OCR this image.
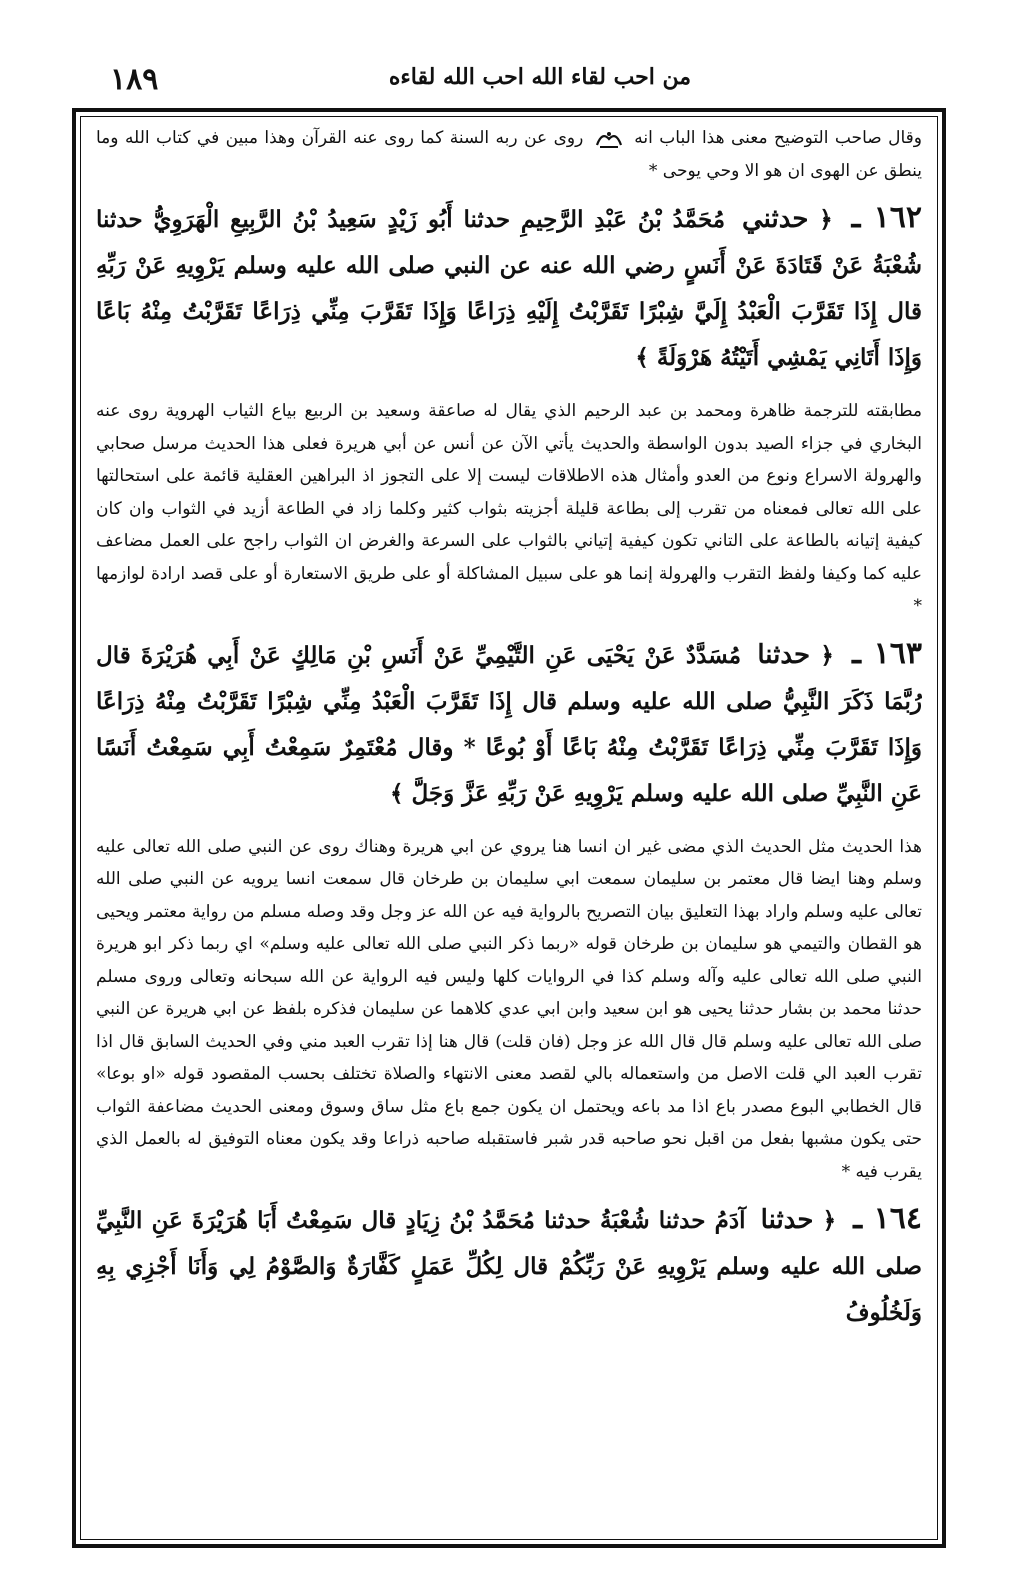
١٨٩	من احب لقاء الله احب الله لقاءه

وقال صاحب التوضيح معنى هذا الباب انه  روى عن ربه السنة كما روى عنه القرآن وهذا مبين في كتاب الله وما ينطق عن الهوى ان هو الا وحي يوحى *

١٦٢ ـ ﴿ حدثني مُحَمَّدُ بْنُ عَبْدِ الرَّحِيمِ حدثنا أَبُو زَيْدٍ سَعِيدُ بْنُ الرَّبِيعِ الْهَرَوِيُّ حدثنا شُعْبَةُ عَنْ قَتَادَةَ عَنْ أَنَسٍ رضي الله عنه عن النبي صلى الله عليه وسلم يَرْوِيهِ عَنْ رَبِّهِ قال إِذَا تَقَرَّبَ الْعَبْدُ إِلَيَّ شِبْرًا تَقَرَّبْتُ إِلَيْهِ ذِرَاعًا وَإِذَا تَقَرَّبَ مِنِّي ذِرَاعًا تَقَرَّبْتُ مِنْهُ بَاعًا وَإِذَا أَتَانِي يَمْشِي أَتَيْتُهُ هَرْوَلَةً ﴾

مطابقته للترجمة ظاهرة ومحمد بن عبد الرحيم الذي يقال له صاعقة وسعيد بن الربيع بياع الثياب الهروية روى عنه البخاري في جزاء الصيد بدون الواسطة والحديث يأتي الآن عن أنس عن أبي هريرة فعلى هذا الحديث مرسل صحابي والهرولة الاسراع ونوع من العدو وأمثال هذه الاطلاقات ليست إلا على التجوز اذ البراهين العقلية قائمة على استحالتها على الله تعالى فمعناه من تقرب إلى بطاعة قليلة أجزيته بثواب كثير وكلما زاد في الطاعة أزيد في الثواب وان كان كيفية إتيانه بالطاعة على التاني تكون كيفية إتياني بالثواب على السرعة والغرض ان الثواب راجح على العمل مضاعف عليه كما وكيفا ولفظ التقرب والهرولة إنما هو على سبيل المشاكلة أو على طريق الاستعارة أو على قصد ارادة لوازمها *

١٦٣ ـ ﴿ حدثنا مُسَدَّدٌ عَنْ يَحْيَى عَنِ التَّيْمِيِّ عَنْ أَنَسِ بْنِ مَالِكٍ عَنْ أَبِي هُرَيْرَةَ قال رُبَّمَا ذَكَرَ النَّبِيُّ صلى الله عليه وسلم قال إِذَا تَقَرَّبَ الْعَبْدُ مِنِّي شِبْرًا تَقَرَّبْتُ مِنْهُ ذِرَاعًا وَإِذَا تَقَرَّبَ مِنِّي ذِرَاعًا تَقَرَّبْتُ مِنْهُ بَاعًا أَوْ بُوعًا * وقال مُعْتَمِرٌ سَمِعْتُ أَبِي سَمِعْتُ أَنَسًا عَنِ النَّبِيِّ صلى الله عليه وسلم يَرْوِيهِ عَنْ رَبِّهِ عَزَّ وَجَلَّ ﴾

هذا الحديث مثل الحديث الذي مضى غير ان انسا هنا يروي عن ابي هريرة وهناك روى عن النبي صلى الله تعالى عليه وسلم وهنا ايضا قال معتمر بن سليمان سمعت ابي سليمان بن طرخان قال سمعت انسا يرويه عن النبي صلى الله تعالى عليه وسلم واراد بهذا التعليق بيان التصريح بالرواية فيه عن الله عز وجل وقد وصله مسلم من رواية معتمر ويحيى هو القطان والتيمي هو سليمان بن طرخان قوله «ربما ذكر النبي صلى الله تعالى عليه وسلم» اي ربما ذكر ابو هريرة النبي صلى الله تعالى عليه وآله وسلم كذا في الروايات كلها وليس فيه الرواية عن الله سبحانه وتعالى وروى مسلم حدثنا محمد بن بشار حدثنا يحيى هو ابن سعيد وابن ابي عدي كلاهما عن سليمان فذكره بلفظ عن ابي هريرة عن النبي صلى الله تعالى عليه وسلم قال قال الله عز وجل (فان قلت) قال هنا إذا تقرب العبد مني وفي الحديث السابق قال اذا تقرب العبد الي قلت الاصل من واستعماله بالي لقصد معنى الانتهاء والصلاة تختلف بحسب المقصود قوله «او بوعا» قال الخطابي البوع مصدر باع اذا مد باعه ويحتمل ان يكون جمع باع مثل ساق وسوق ومعنى الحديث مضاعفة الثواب حتى يكون مشبها بفعل من اقبل نحو صاحبه قدر شبر فاستقبله صاحبه ذراعا وقد يكون معناه التوفيق له بالعمل الذي يقرب فيه *

١٦٤ ـ ﴿ حدثنا آدَمُ حدثنا شُعْبَةُ حدثنا مُحَمَّدُ بْنُ زِيَادٍ قال سَمِعْتُ أَبَا هُرَيْرَةَ عَنِ النَّبِيِّ صلى الله عليه وسلم يَرْوِيهِ عَنْ رَبِّكُمْ قال لِكُلِّ عَمَلٍ كَفَّارَةٌ وَالصَّوْمُ لِي وَأَنَا أَجْزِي بِهِ وَلَخُلُوفُ
